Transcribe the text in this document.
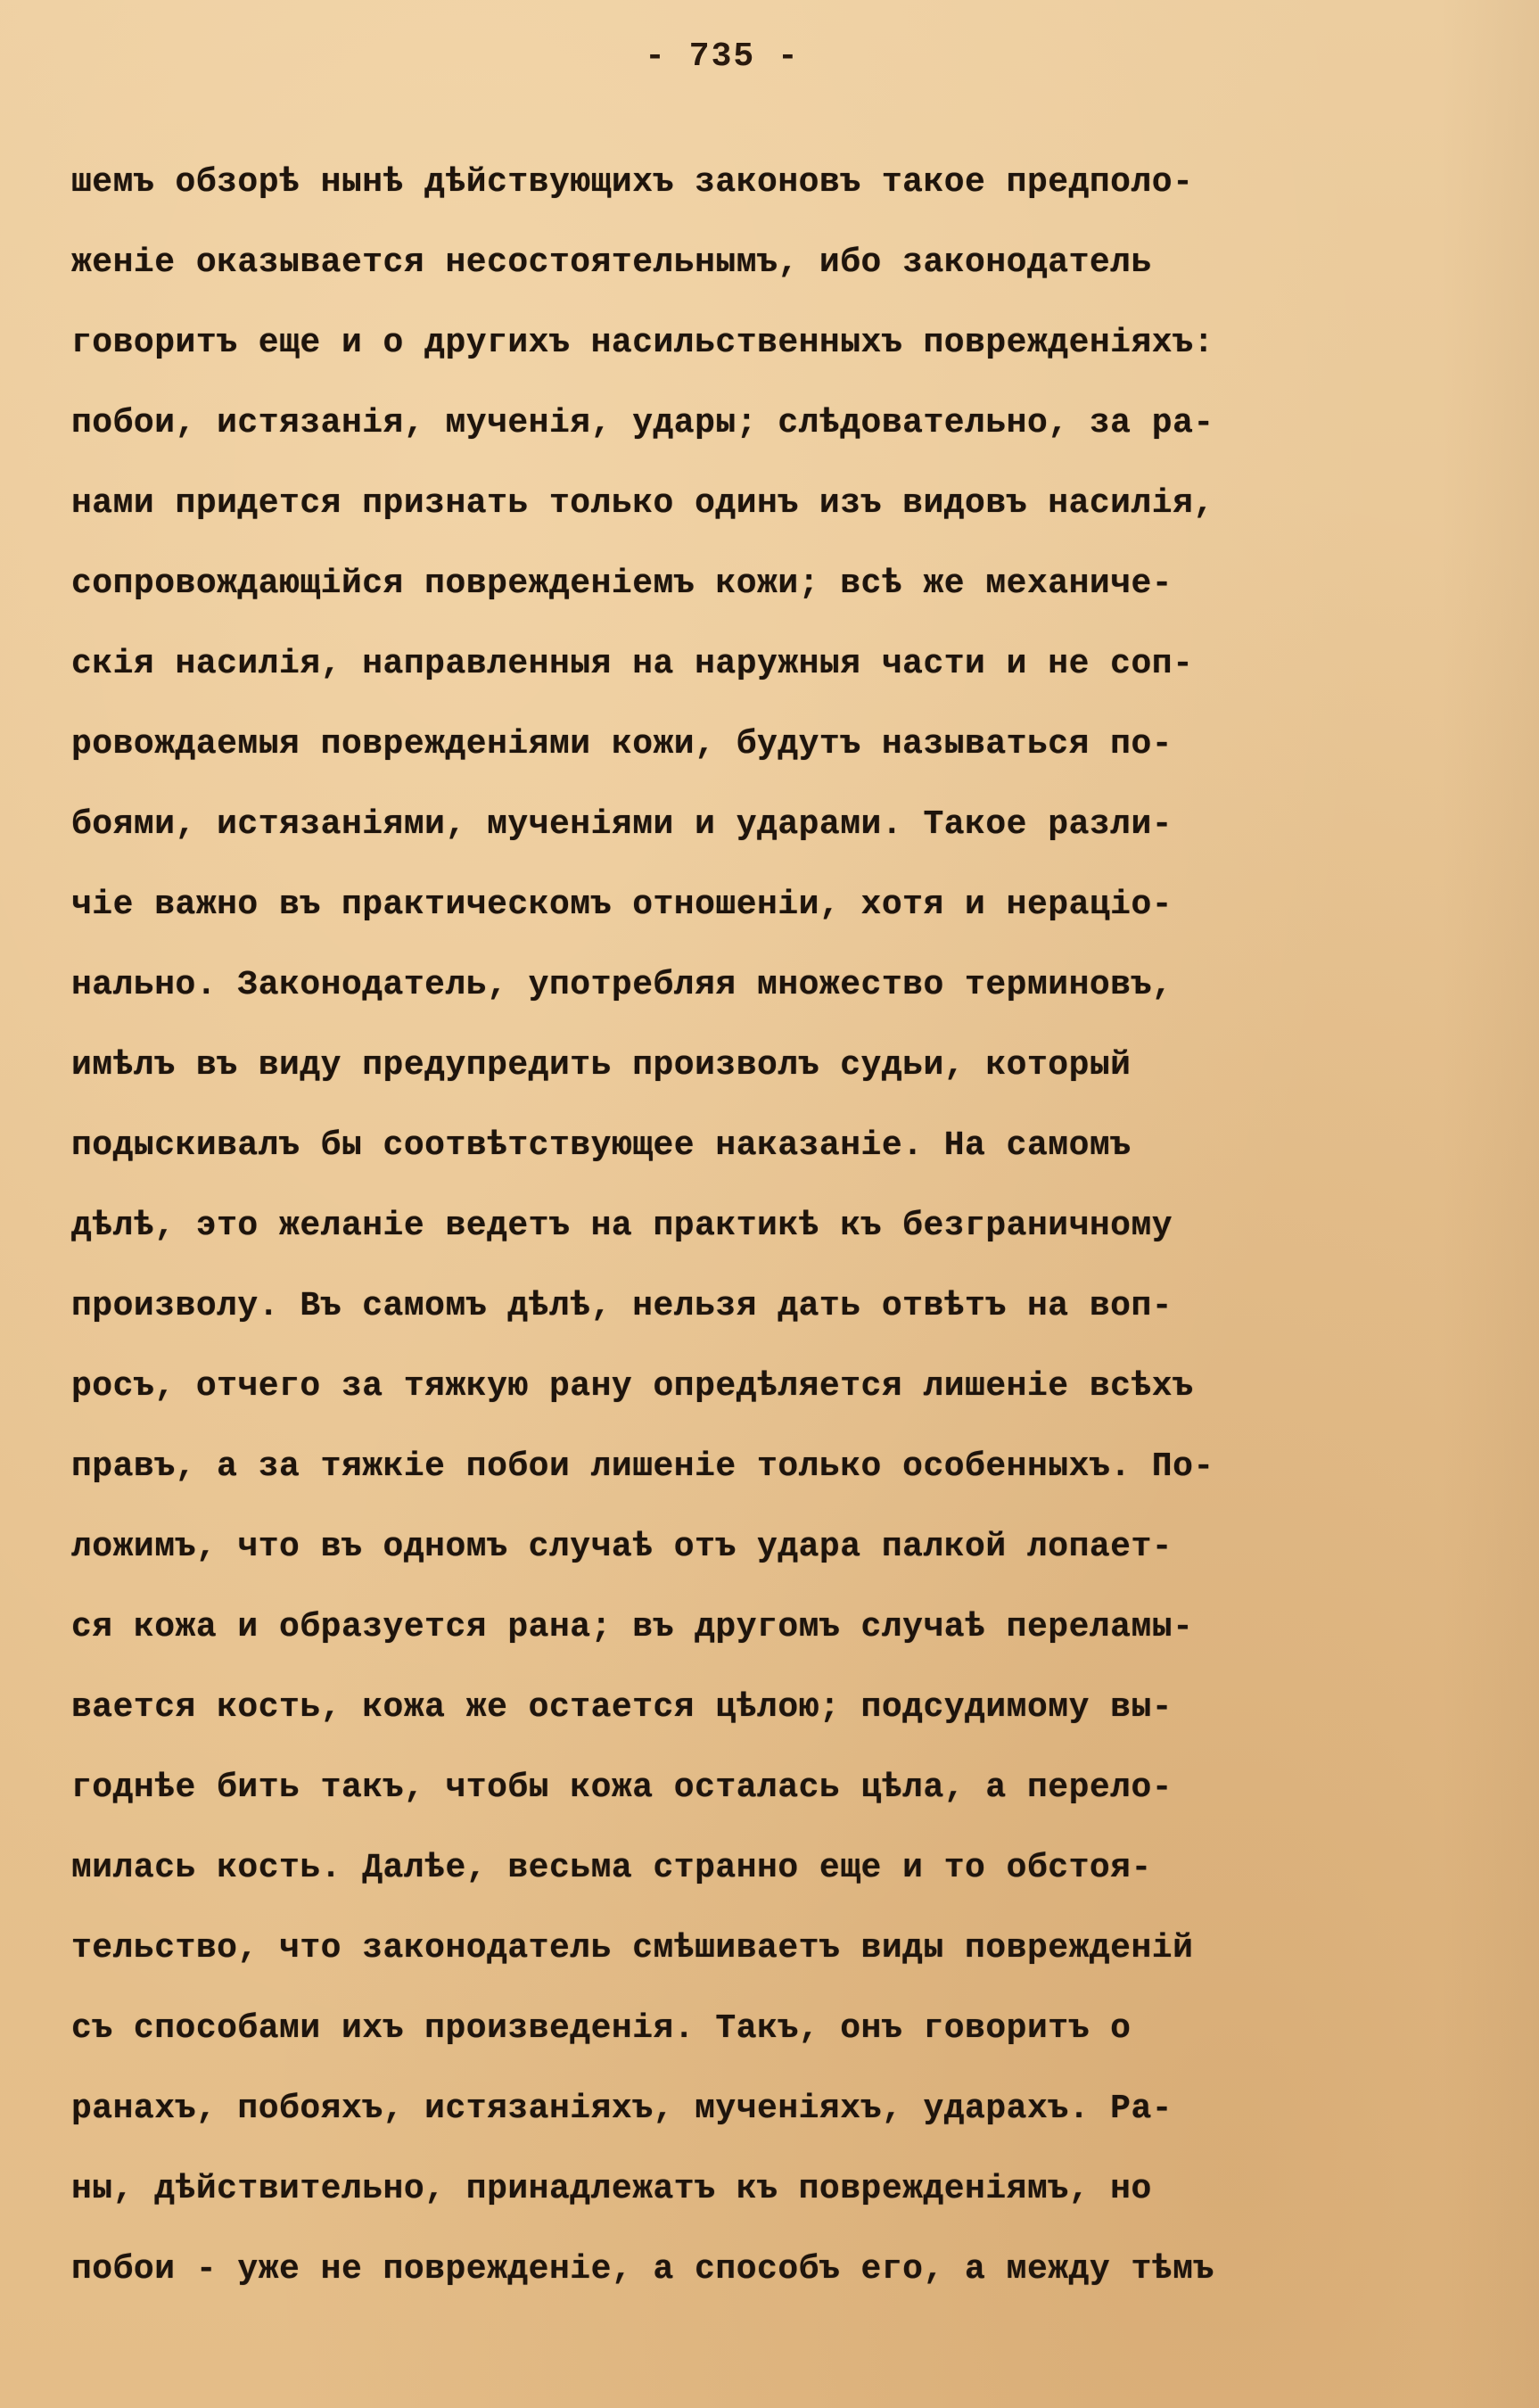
- 735 -
шемъ обзорѣ нынѣ дѣйствующихъ законовъ такое предполо-
женіе оказывается несостоятельнымъ, ибо законодатель
говоритъ еще и о другихъ насильственныхъ поврежденіяхъ:
побои, истязанія, мученія, удары; слѣдовательно, за ра-
нами придется признать только одинъ изъ видовъ насилія,
сопровождающійся поврежденіемъ кожи; всѣ же механиче-
скія насилія, направленныя на наружныя части и не соп-
ровождаемыя поврежденіями кожи, будутъ называться по-
боями, истязаніями, мученіями и ударами. Такое разли-
чіе важно въ практическомъ отношеніи, хотя и нераціо-
нально. Законодатель, употребляя множество терминовъ,
имѣлъ въ виду предупредить произволъ судьи, который
подыскивалъ бы соотвѣтствующее наказаніе. На самомъ
дѣлѣ, это желаніе ведетъ на практикѣ къ безграничному
произволу. Въ самомъ дѣлѣ, нельзя дать отвѣтъ на воп-
росъ, отчего за тяжкую рану опредѣляется лишеніе всѣхъ
правъ, а за тяжкіе побои лишеніе только особенныхъ. По-
ложимъ, что въ одномъ случаѣ отъ удара палкой лопает-
ся кожа и образуется рана; въ другомъ случаѣ переламы-
вается кость, кожа же остается цѣлою; подсудимому вы-
годнѣе бить такъ, чтобы кожа осталась цѣла, а перело-
милась кость. Далѣе, весьма странно еще и то обстоя-
тельство, что законодатель смѣшиваетъ виды поврежденій
съ способами ихъ произведенія. Такъ, онъ говоритъ о
ранахъ, побояхъ, истязаніяхъ, мученіяхъ, ударахъ. Ра-
ны, дѣйствительно, принадлежатъ къ поврежденіямъ, но
побои - уже не поврежденіе, а способъ его, а между тѣмъ
